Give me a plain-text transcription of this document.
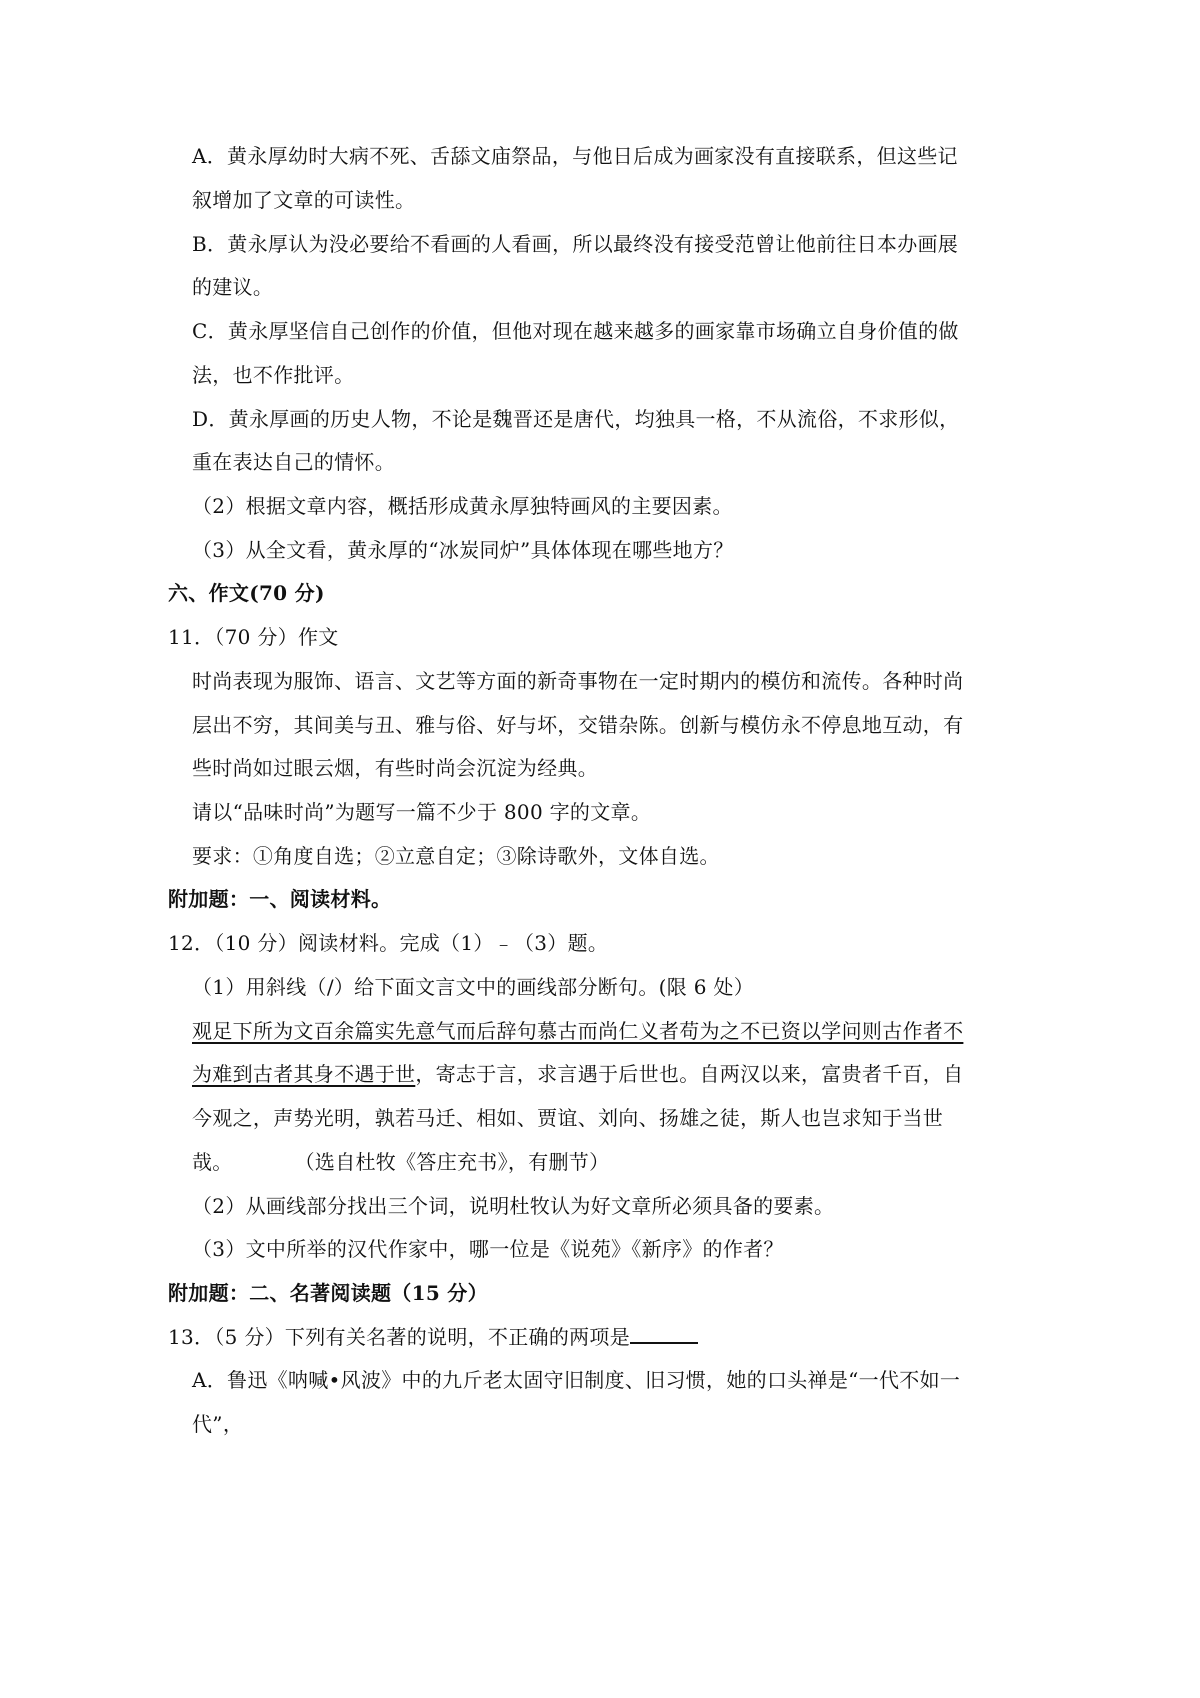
A．黄永厚幼时大病不死、舌舔文庙祭品，与他日后成为画家没有直接联系，但这些记
叙增加了文章的可读性。
B．黄永厚认为没必要给不看画的人看画，所以最终没有接受范曾让他前往日本办画展
的建议。
C．黄永厚坚信自己创作的价值，但他对现在越来越多的画家靠市场确立自身价值的做
法，也不作批评。
D．黄永厚画的历史人物，不论是魏晋还是唐代，均独具一格，不从流俗，不求形似，
重在表达自己的情怀。
（2）根据文章内容，概括形成黄永厚独特画风的主要因素。
（3）从全文看，黄永厚的“冰炭同炉”具体体现在哪些地方？
六、作文(70 分)
11．（70 分）作文
时尚表现为服饰、语言、文艺等方面的新奇事物在一定时期内的模仿和流传。各种时尚
层出不穷，其间美与丑、雅与俗、好与坏，交错杂陈。创新与模仿永不停息地互动，有
些时尚如过眼云烟，有些时尚会沉淀为经典。
请以“品味时尚”为题写一篇不少于 800 字的文章。
要求：①角度自选；②立意自定；③除诗歌外，文体自选。
附加题：一、阅读材料。
12．（10 分）阅读材料。完成（1）﹣（3）题。
（1）用斜线（/）给下面文言文中的画线部分断句。(限 6 处）
观足下所为文百余篇实先意气而后辞句慕古而尚仁义者苟为之不已资以学问则古作者不
为难到古者其身不遇于世，寄志于言，求言遇于后世也。自两汉以来，富贵者千百，自
今观之，声势光明，孰若马迁、相如、贾谊、刘向、扬雄之徒，斯人也岂求知于当世
哉。	（选自杜牧《答庄充书》，有删节）
（2）从画线部分找出三个词，说明杜牧认为好文章所必须具备的要素。
（3）文中所举的汉代作家中，哪一位是《说苑》《新序》的作者？
附加题：二、名著阅读题（15 分）
13．（5 分）下列有关名著的说明，不正确的两项是
A．鲁迅《呐喊•风波》中的九斤老太固守旧制度、旧习惯，她的口头禅是“一代不如一
代”，
